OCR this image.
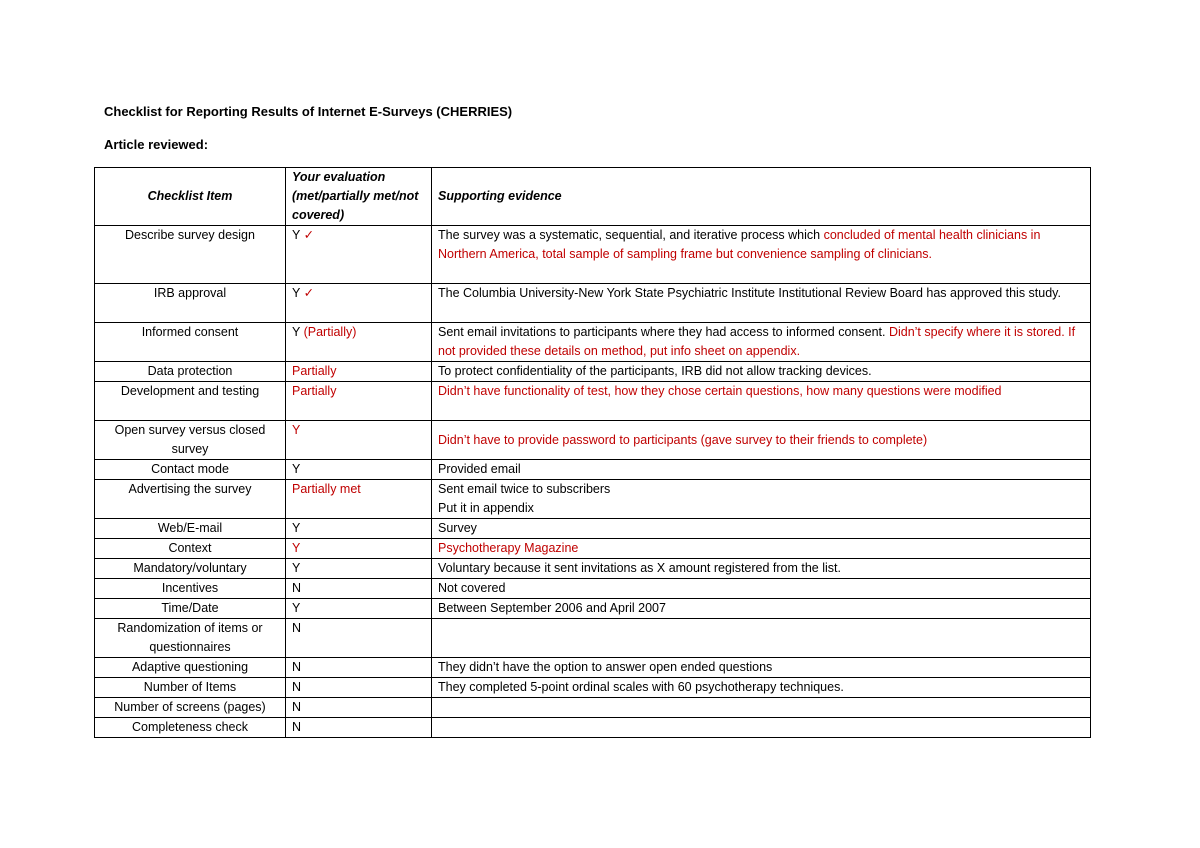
Checklist for Reporting Results of Internet E-Surveys (CHERRIES)
Article reviewed:
Checklist Item	Your evaluation (met/partially met/not covered)	Supporting evidence
Describe survey design	Y ✓	The survey was a systematic, sequential, and iterative process which concluded of mental health clinicians in Northern America, total sample of sampling frame but convenience sampling of clinicians.
IRB approval	Y ✓	The Columbia University-New York State Psychiatric Institute Institutional Review Board has approved this study.
Informed consent	Y (Partially)	Sent email invitations to participants where they had access to informed consent. Didn’t specify where it is stored. If not provided these details on method, put info sheet on appendix.
Data protection	Partially	To protect confidentiality of the participants, IRB did not allow tracking devices.
Development and testing	Partially	Didn’t have functionality of test, how they chose certain questions, how many questions were modified
Open survey versus closed survey	Y	Didn’t have to provide password to participants (gave survey to their friends to complete)
Contact mode	Y	Provided email
Advertising the survey	Partially met	Sent email twice to subscribers
Put it in appendix

Web/E-mail	Y	Survey
Context	Y	Psychotherapy Magazine
Mandatory/voluntary	Y	Voluntary because it sent invitations as X amount registered from the list.
Incentives	N	Not covered
Time/Date	Y	Between September 2006 and April 2007
Randomization of items or questionnaires	N	
Adaptive questioning	N	They didn’t have the option to answer open ended questions
Number of Items	N	They completed 5-point ordinal scales with 60 psychotherapy techniques.
Number of screens (pages)	N	
Completeness check	N	
